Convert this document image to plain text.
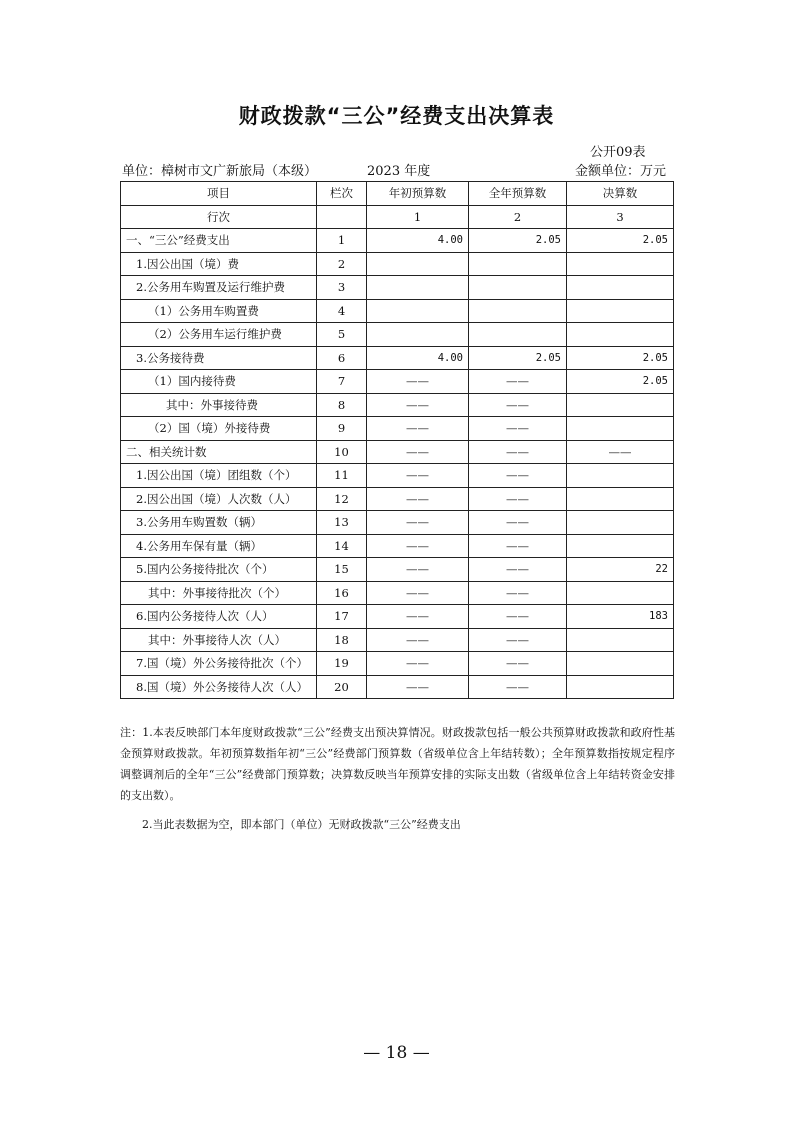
财政拨款“三公”经费支出决算表
公开09表
单位：樟树市文广新旅局（本级）	2023 年度	金额单位：万元
项目	栏次	年初预算数	全年预算数	决算数
行次		1	2	3
一、“三公”经费支出	1	4.00	2.05	2.05
1.因公出国（境）费	2			
2.公务用车购置及运行维护费	3			
（1）公务用车购置费	4			
（2）公务用车运行维护费	5			
3.公务接待费	6	4.00	2.05	2.05
（1）国内接待费	7	——	——	2.05
其中：外事接待费	8	——	——	
（2）国（境）外接待费	9	——	——	
二、相关统计数	10	——	——	——
1.因公出国（境）团组数（个）	11	——	——	
2.因公出国（境）人次数（人）	12	——	——	
3.公务用车购置数（辆）	13	——	——	
4.公务用车保有量（辆）	14	——	——	
5.国内公务接待批次（个）	15	——	——	22
其中：外事接待批次（个）	16	——	——	
6.国内公务接待人次（人）	17	——	——	183
其中：外事接待人次（人）	18	——	——	
7.国（境）外公务接待批次（个）	19	——	——	
8.国（境）外公务接待人次（人）	20	——	——	

注：1.本表反映部门本年度财政拨款“三公”经费支出预决算情况。财政拨款包括一般公共预算财政拨款和政府性基金预算财政拨款。年初预算数指年初“三公”经费部门预算数（省级单位含上年结转数）；全年预算数指按规定程序调整调剂后的全年“三公”经费部门预算数；决算数反映当年预算安排的实际支出数（省级单位含上年结转资金安排的支出数）。

2.当此表数据为空，即本部门（单位）无财政拨款“三公”经费支出

— 18 —
